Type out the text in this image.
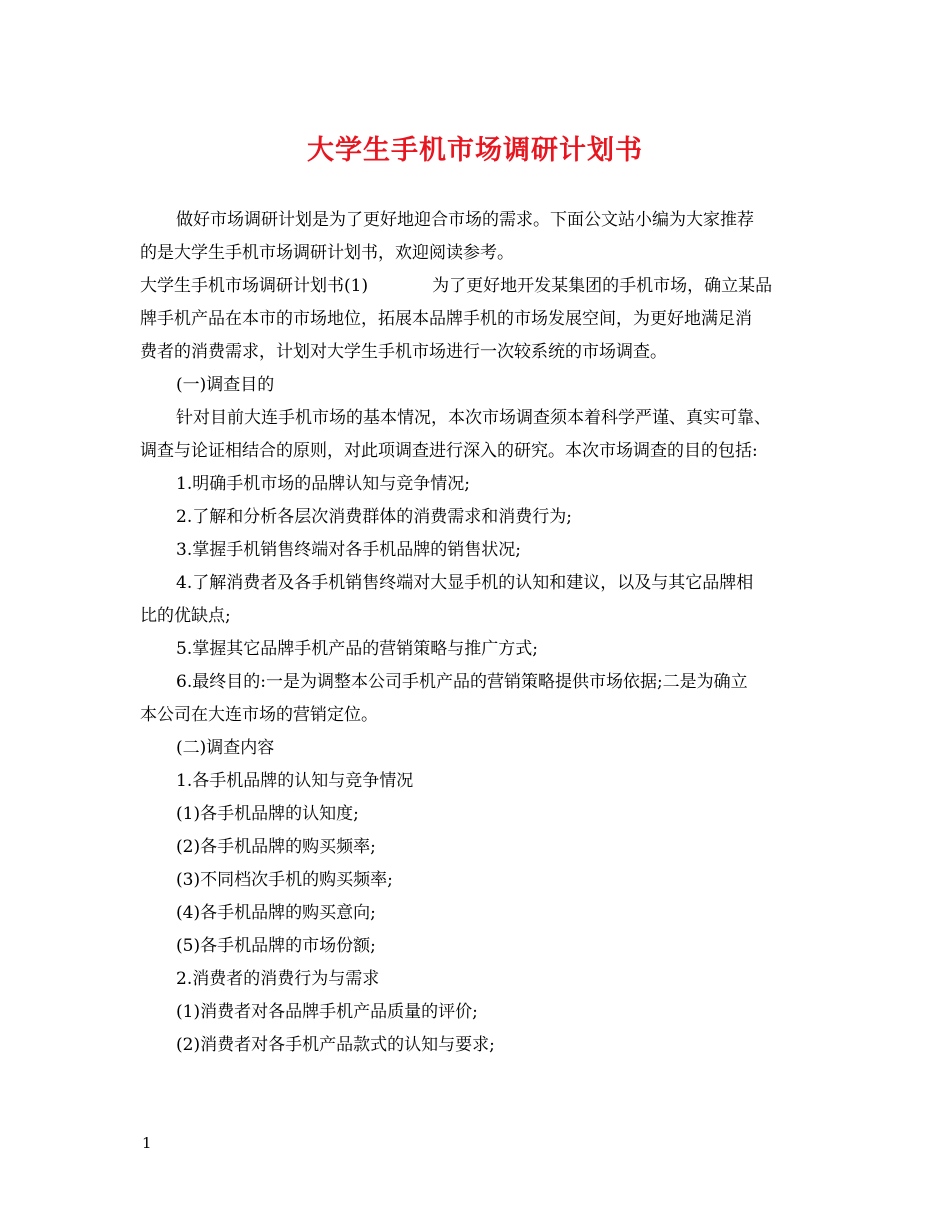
大学生手机市场调研计划书

做好市场调研计划是为了更好地迎合市场的需求。下面公文站小编为大家推荐

的是大学生手机市场调研计划书，欢迎阅读参考。

大学生手机市场调研计划书(1)	为了更好地开发某集团的手机市场，确立某品

牌手机产品在本市的市场地位，拓展本品牌手机的市场发展空间，为更好地满足消

费者的消费需求，计划对大学生手机市场进行一次较系统的市场调查。

(一)调查目的

针对目前大连手机市场的基本情况，本次市场调查须本着科学严谨、真实可靠、

调查与论证相结合的原则，对此项调查进行深入的研究。本次市场调查的目的包括:

1.明确手机市场的品牌认知与竞争情况;

2.了解和分析各层次消费群体的消费需求和消费行为;

3.掌握手机销售终端对各手机品牌的销售状况;

4.了解消费者及各手机销售终端对大显手机的认知和建议，以及与其它品牌相

比的优缺点;

5.掌握其它品牌手机产品的营销策略与推广方式;

6.最终目的:一是为调整本公司手机产品的营销策略提供市场依据;二是为确立

本公司在大连市场的营销定位。

(二)调查内容

1.各手机品牌的认知与竞争情况

(1)各手机品牌的认知度;

(2)各手机品牌的购买频率;

(3)不同档次手机的购买频率;

(4)各手机品牌的购买意向;

(5)各手机品牌的市场份额;

2.消费者的消费行为与需求

(1)消费者对各品牌手机产品质量的评价;

(2)消费者对各手机产品款式的认知与要求;

1
